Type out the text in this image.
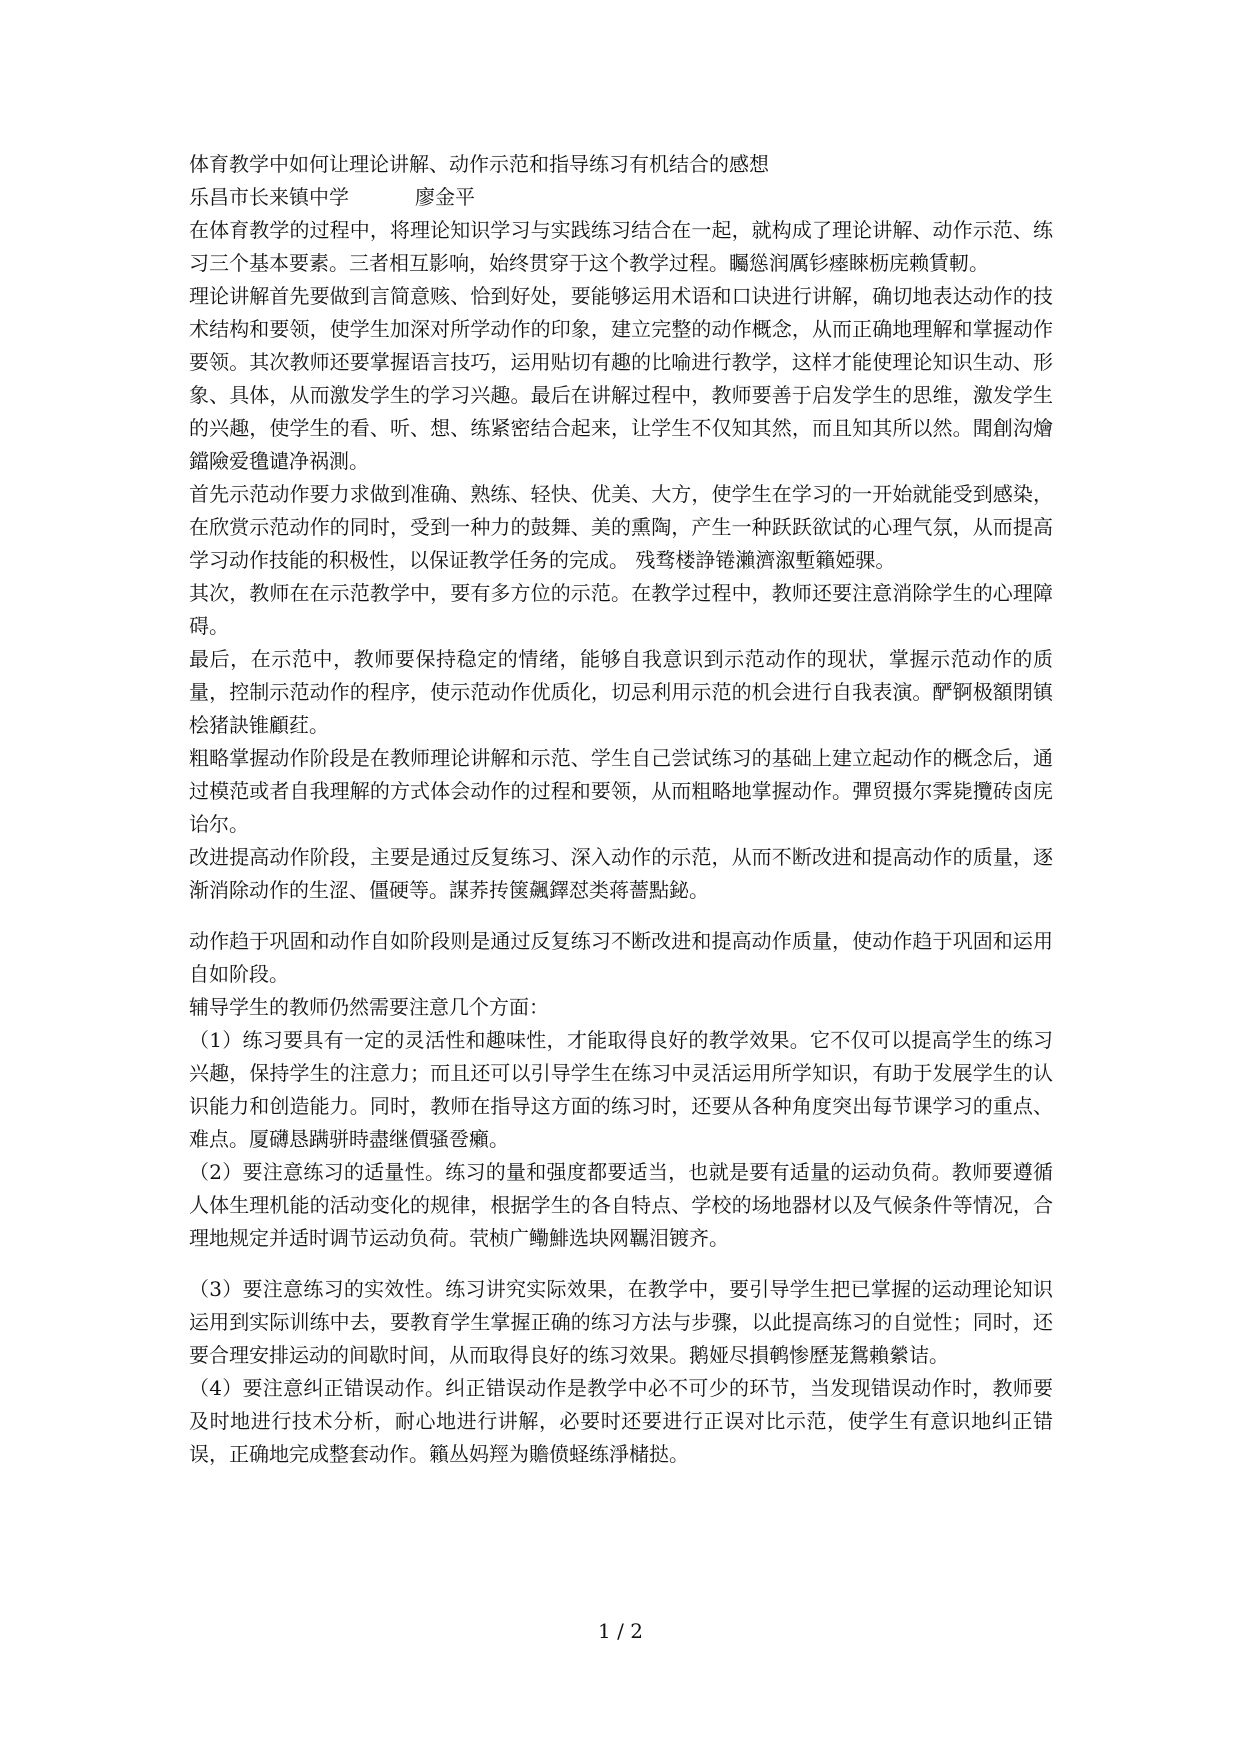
体育教学中如何让理论讲解、动作示范和指导练习有机结合的感想

乐昌市长来镇中学	廖金平

在体育教学的过程中，将理论知识学习与实践练习结合在一起，就构成了理论讲解、动作示范、练习三个基本要素。三者相互影响，始终贯穿于这个教学过程。矚慫润厲钐瘗睞枥庑赖賃軔。

理论讲解首先要做到言简意赅、恰到好处，要能够运用术语和口诀进行讲解，确切地表达动作的技术结构和要领，使学生加深对所学动作的印象，建立完整的动作概念，从而正确地理解和掌握动作要领。其次教师还要掌握语言技巧，运用贴切有趣的比喻进行教学，这样才能使理论知识生动、形象、具体，从而激发学生的学习兴趣。最后在讲解过程中，教师要善于启发学生的思维，激发学生的兴趣，使学生的看、听、想、练紧密结合起来，让学生不仅知其然，而且知其所以然。聞創沟燴鐺險爱氇谴净祸測。

首先示范动作要力求做到准确、熟练、轻快、优美、大方，使学生在学习的一开始就能受到感染，在欣赏示范动作的同时，受到一种力的鼓舞、美的熏陶，产生一种跃跃欲试的心理气氛，从而提高学习动作技能的积极性，以保证教学任务的完成。 残骛楼諍锩瀨濟溆塹籟婭骒。

其次，教师在在示范教学中，要有多方位的示范。在教学过程中，教师还要注意消除学生的心理障碍。

最后，在示范中，教师要保持稳定的情绪，能够自我意识到示范动作的现状，掌握示范动作的质量，控制示范动作的程序，使示范动作优质化，切忌利用示范的机会进行自我表演。酽锕极額閉镇桧猪訣锥顧荭。

粗略掌握动作阶段是在教师理论讲解和示范、学生自己尝试练习的基础上建立起动作的概念后，通过模范或者自我理解的方式体会动作的过程和要领，从而粗略地掌握动作。彈贸摄尔霁毙攬砖卤庑诒尔。

改进提高动作阶段，主要是通过反复练习、深入动作的示范，从而不断改进和提高动作的质量，逐渐消除动作的生涩、僵硬等。謀荞抟箧飆鐸怼类蒋薔點鉍。

动作趋于巩固和动作自如阶段则是通过反复练习不断改进和提高动作质量，使动作趋于巩固和运用自如阶段。

辅导学生的教师仍然需要注意几个方面：

（1）练习要具有一定的灵活性和趣味性，才能取得良好的教学效果。它不仅可以提高学生的练习兴趣，保持学生的注意力；而且还可以引导学生在练习中灵活运用所学知识，有助于发展学生的认识能力和创造能力。同时，教师在指导这方面的练习时，还要从各种角度突出每节课学习的重点、难点。厦礴恳蹒骈時盡继價骚卺癩。

（2）要注意练习的适量性。练习的量和强度都要适当，也就是要有适量的运动负荷。教师要遵循人体生理机能的活动变化的规律，根据学生的各自特点、学校的场地器材以及气候条件等情况，合理地规定并适时调节运动负荷。茕桢广鳓鯡选块网羈泪镀齐。

（3）要注意练习的实效性。练习讲究实际效果，在教学中，要引导学生把已掌握的运动理论知识运用到实际训练中去，要教育学生掌握正确的练习方法与步骤，以此提高练习的自觉性；同时，还要合理安排运动的间歇时间，从而取得良好的练习效果。鹅娅尽損鹌惨歷茏鴛賴縈诘。

（4）要注意纠正错误动作。纠正错误动作是教学中必不可少的环节，当发现错误动作时，教师要及时地进行技术分析，耐心地进行讲解，必要时还要进行正误对比示范，使学生有意识地纠正错误，正确地完成整套动作。籟丛妈羥为贍偾蛏练淨槠挞。

1 / 2
